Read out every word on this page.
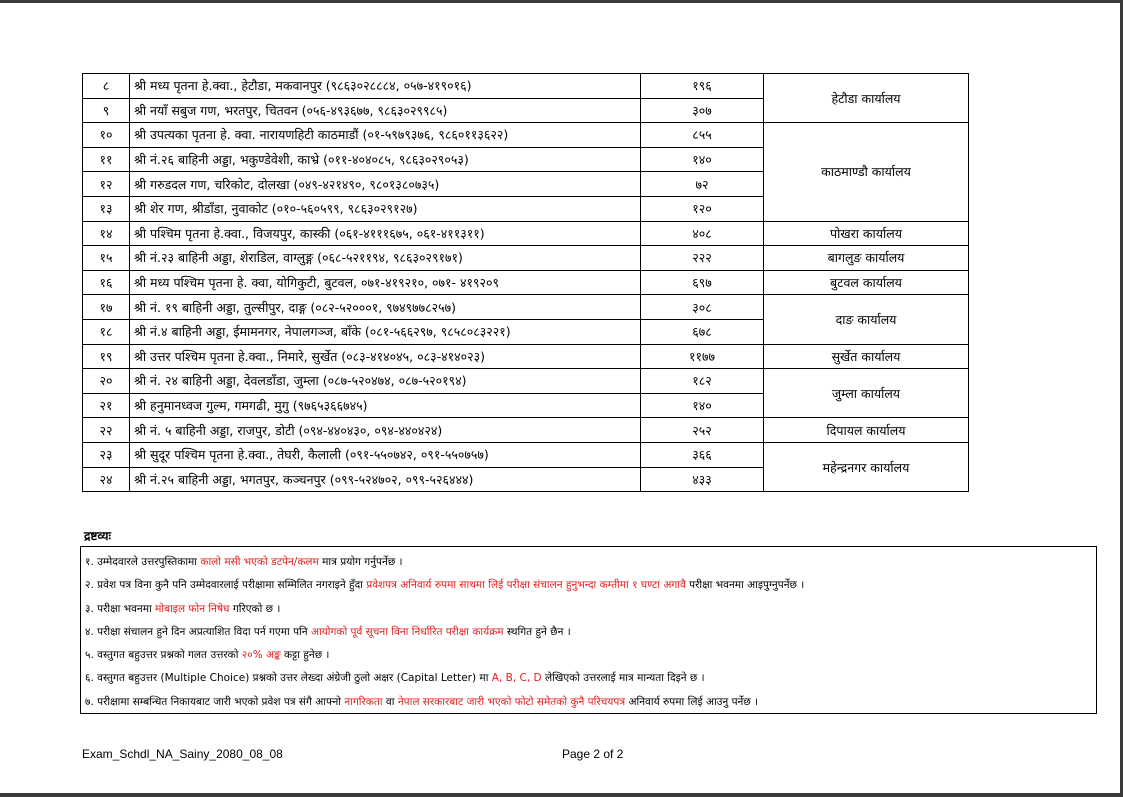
८	श्री मध्य पृतना हे.क्वा., हेटौडा, मकवानपुर (९८६३०२८८८४, ०५७-४१९०१६)	१९६	हेटौडा कार्यालय
९	श्री नयाँ सबुज गण, भरतपुर, चितवन (०५६-४९३६७७, ९८६३०२९९८५)	३०७	
१०	श्री उपत्यका पृतना हे. क्वा. नारायणहिटी काठमाडौं (०१-५९७९३७६, ९८६०११३६२२)	८५५	काठमाण्डौ कार्यालय
११	श्री नं.२६ बाहिनी अड्डा, भकुण्डेवेशी, काभ्रे (०११-४०४०८५, ९८६३०२९०५३)	१४०	
१२	श्री गरुडदल गण, चरिकोट, दोलखा (०४९-४२१४९०, ९८०१३८०७३५)	७२	
१३	श्री शेर गण, श्रीडाँडा, नुवाकोट (०१०-५६०५९९, ९८६३०२९१२७)	१२०	
१४	श्री पश्चिम पृतना हे.क्वा., विजयपुर, कास्की (०६१-४१११६७५, ०६१-४११३११)	४०८	पोखरा कार्यालय
१५	श्री नं.२३ बाहिनी अड्डा, शेराडिल, वाग्लुङ्ग (०६८-५२११९४, ९८६३०२९१७१)	२२२	बागलुङ कार्यालय
१६	श्री मध्य पश्चिम पृतना हे. क्वा, योगिकुटी, बुटवल, ०७१-४१९२१०, ०७१- ४१९२०९	६९७	बुटवल कार्यालय
१७	श्री नं. १९ बाहिनी अड्डा, तुल्सीपुर, दाङ्ग (०८२-५२०००१, ९७४९७७८२५७)	३०८	दाङ कार्यालय
१८	श्री नं.४ बाहिनी अड्डा, ईमामनगर, नेपालगञ्ज, बाँके (०८१-५६६२९७, ९८५८०८३२२१)	६७८	
१९	श्री उत्तर पश्चिम पृतना हे.क्वा., निमारे, सुर्खेत (०८३-४१४०४५, ०८३-४१४०२३)	११७७	सुर्खेत कार्यालय
२०	श्री नं. २४ बाहिनी अड्डा, देवलडाँडा, जुम्ला (०८७-५२०४७४, ०८७-५२०१९४)	१८२	जुम्ला कार्यालय
२१	श्री हनुमानध्वज गुल्म, गमगढी, मुगु (९७६५३६६७४५)	१४०	
२२	श्री नं. ५ बाहिनी अड्डा, राजपुर, डोटी (०९४-४४०४३०, ०९४-४४०४२४)	२५२	दिपायल कार्यालय
२३	श्री सुदूर पश्चिम पृतना हे.क्वा., तेघरी, कैलाली (०९१-५५०७४२, ०९१-५५०७५७)	३६६	महेन्द्रनगर कार्यालय
२४	श्री नं.२५ बाहिनी अड्डा, भगतपुर, कञ्चनपुर (०९९-५२४७०२, ०९९-५२६४४४)	४३३	
द्रष्टव्यः
१. उम्मेदवारले उत्तरपुस्तिकामा कालो मसी भएको डटपेन/कलम मात्र प्रयोग गर्नुपर्नेछ ।
२. प्रवेश पत्र विना कुनै पनि उम्मेदवारलाई परीक्षामा सम्मिलित नगराइने हुँदा प्रवेशपत्र अनिवार्य रुपमा साथमा लिई परीक्षा संचालन हुनुभन्दा कम्तीमा १ घण्टा अगावै परीक्षा भवनमा आइपुग्नुपर्नेछ ।
३. परीक्षा भवनमा मोबाइल फोन निषेध गरिएको छ ।
४. परीक्षा संचालन हुने दिन अप्रत्याशित विदा पर्न गएमा पनि आयोगको पूर्व सूचना विना निर्धारित परीक्षा कार्यक्रम स्थगित हुने छैन ।
५. वस्तुगत बहुउत्तर प्रश्नको गलत उत्तरको २०% अङ्क कट्टा हुनेछ ।
६. वस्तुगत बहुउत्तर (Multiple Choice) प्रश्नको उत्तर लेख्दा अंग्रेजी ठुलो अक्षर (Capital Letter) मा A, B, C, D लेखिएको उत्तरलाई मात्र मान्यता दिइने छ ।
७. परीक्षामा सम्बन्धित निकायबाट जारी भएको प्रवेश पत्र संगै आफ्नो नागरिकता वा नेपाल सरकारबाट जारी भएको फोटो समेतको कुनै परिचयपत्र अनिवार्य रुपमा लिई आउनु पर्नेछ ।
Exam_Schdl_NA_Sainy_2080_08_08	Page 2 of 2
